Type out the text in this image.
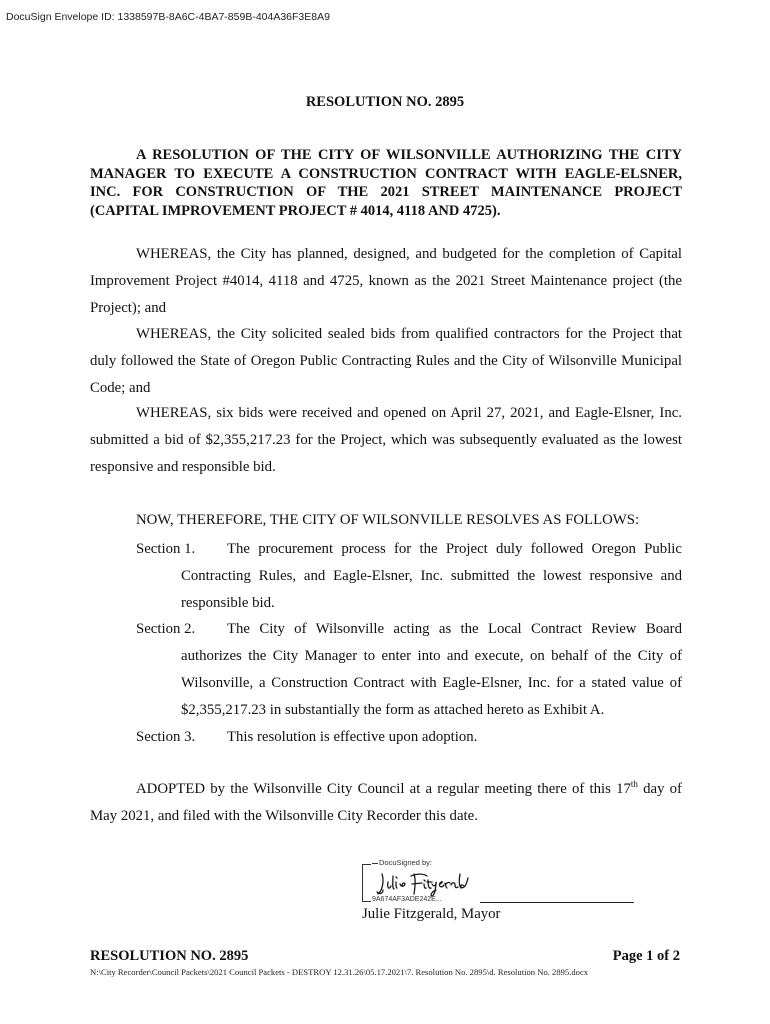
DocuSign Envelope ID: 1338597B-8A6C-4BA7-859B-404A36F3E8A9
RESOLUTION NO. 2895
A RESOLUTION OF THE CITY OF WILSONVILLE AUTHORIZING THE CITY MANAGER TO EXECUTE A CONSTRUCTION CONTRACT WITH EAGLE-ELSNER, INC. FOR CONSTRUCTION OF THE 2021 STREET MAINTENANCE PROJECT (CAPITAL IMPROVEMENT PROJECT # 4014, 4118 AND 4725).

WHEREAS, the City has planned, designed, and budgeted for the completion of Capital Improvement Project #4014, 4118 and 4725, known as the 2021 Street Maintenance project (the Project); and

WHEREAS, the City solicited sealed bids from qualified contractors for the Project that duly followed the State of Oregon Public Contracting Rules and the City of Wilsonville Municipal Code; and

WHEREAS, six bids were received and opened on April 27, 2021, and Eagle-Elsner, Inc. submitted a bid of $2,355,217.23 for the Project, which was subsequently evaluated as the lowest responsive and responsible bid.

NOW, THEREFORE, THE CITY OF WILSONVILLE RESOLVES AS FOLLOWS:
Section 1.	The procurement process for the Project duly followed Oregon Public Contracting Rules, and Eagle-Elsner, Inc. submitted the lowest responsive and responsible bid.
Section 2.	The City of Wilsonville acting as the Local Contract Review Board authorizes the City Manager to enter into and execute, on behalf of the City of Wilsonville, a Construction Contract with Eagle-Elsner, Inc. for a stated value of $2,355,217.23 in substantially the form as attached hereto as Exhibit A.
Section 3.	This resolution is effective upon adoption.

ADOPTED by the Wilsonville City Council at a regular meeting there of this 17th day of May 2021, and filed with the Wilsonville City Recorder this date.

DocuSigned by:
9A674AF3ADE242E...
Julie Fitzgerald, Mayor
RESOLUTION NO. 2895	Page 1 of 2
N:\City Recorder\Council Packets\2021 Council Packets - DESTROY 12.31.26\05.17.2021\7. Resolution No. 2895\d. Resolution No. 2895.docx
